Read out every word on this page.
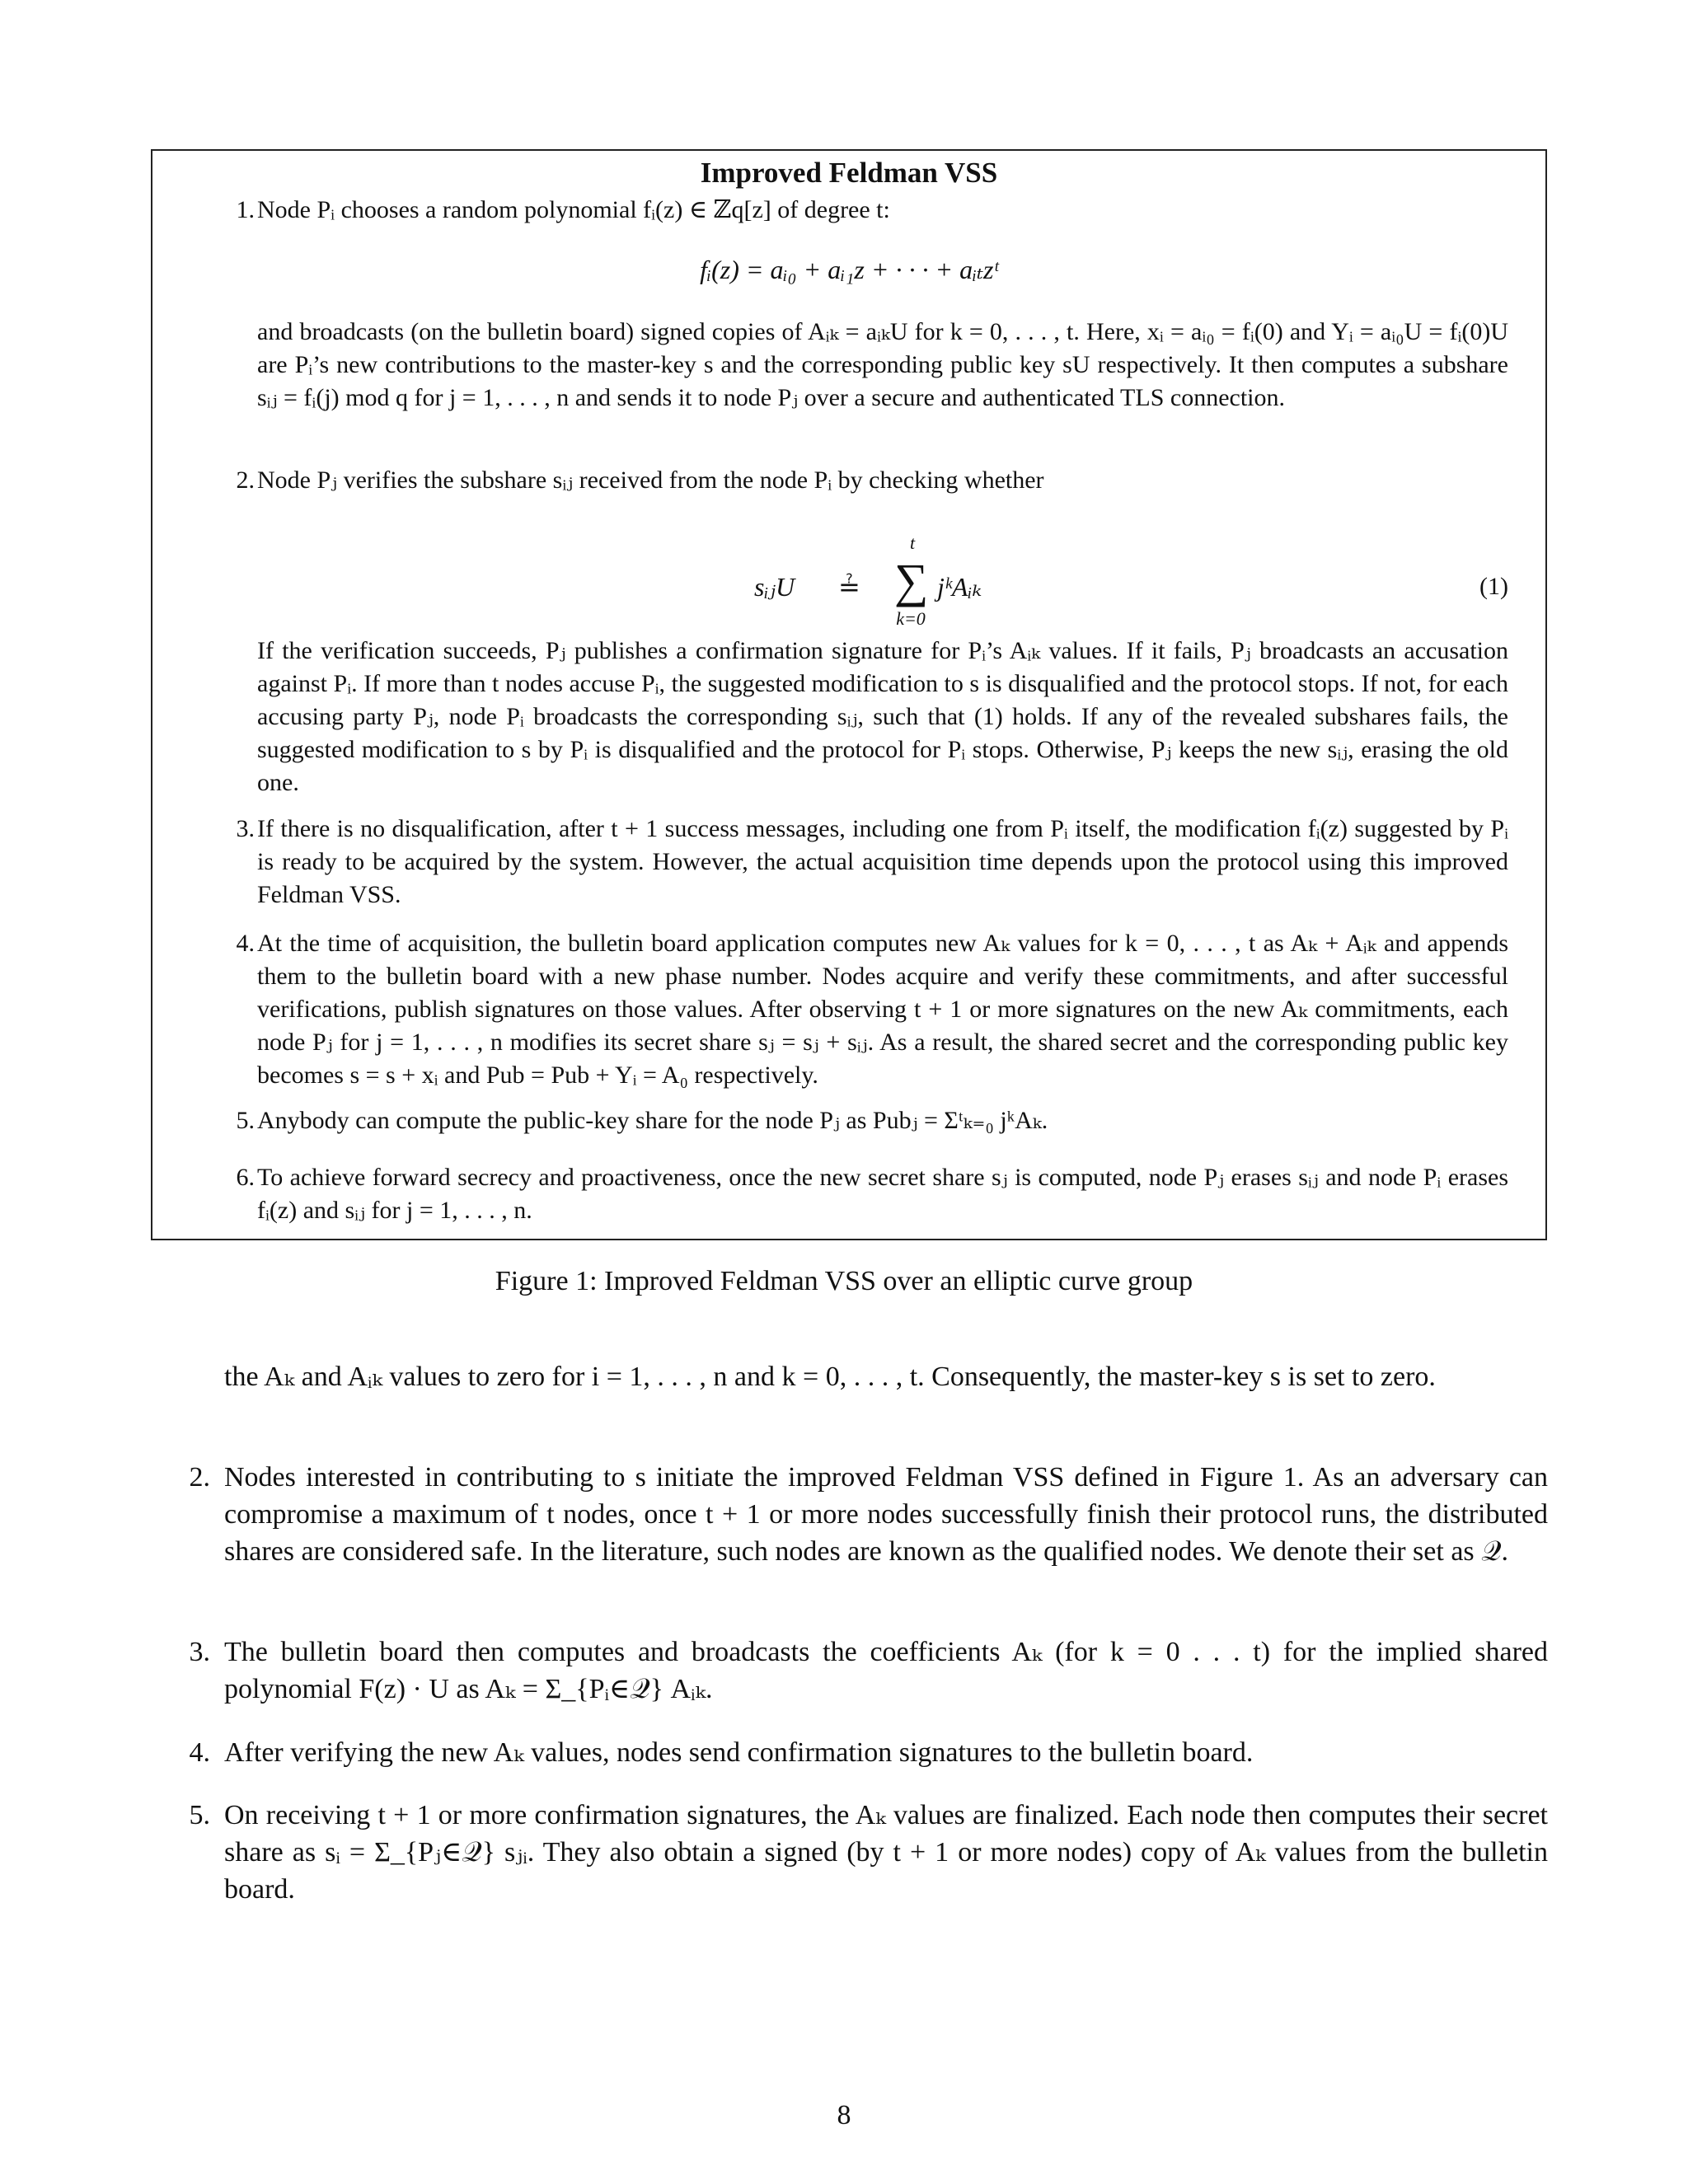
Improved Feldman VSS
1. Node Pᵢ chooses a random polynomial fᵢ(z) ∈ ℤq[z] of degree t:
fᵢ(z) = aᵢ₀ + aᵢ₁z + · · · + aᵢₜzᵗ
and broadcasts (on the bulletin board) signed copies of Aᵢₖ = aᵢₖU for k = 0, . . . , t. Here, xᵢ = aᵢ₀ = fᵢ(0) and Yᵢ = aᵢ₀U = fᵢ(0)U are Pᵢ’s new contributions to the master-key s and the corresponding public key sU respectively. It then computes a subshare sᵢⱼ = fᵢ(j) mod q for j = 1, . . . , n and sends it to node Pⱼ over a secure and authenticated TLS connection.
2. Node Pⱼ verifies the subshare sᵢⱼ received from the node Pᵢ by checking whether
sᵢⱼU ≟
t
∑
k=0
jᵏAᵢₖ	(1)
If the verification succeeds, Pⱼ publishes a confirmation signature for Pᵢ’s Aᵢₖ values. If it fails, Pⱼ broadcasts an accusation against Pᵢ. If more than t nodes accuse Pᵢ, the suggested modification to s is disqualified and the protocol stops. If not, for each accusing party Pⱼ, node Pᵢ broadcasts the corresponding sᵢⱼ, such that (1) holds. If any of the revealed subshares fails, the suggested modification to s by Pᵢ is disqualified and the protocol for Pᵢ stops. Otherwise, Pⱼ keeps the new sᵢⱼ, erasing the old one.
3. If there is no disqualification, after t + 1 success messages, including one from Pᵢ itself, the modification fᵢ(z) suggested by Pᵢ is ready to be acquired by the system. However, the actual acquisition time depends upon the protocol using this improved Feldman VSS.
4. At the time of acquisition, the bulletin board application computes new Aₖ values for k = 0, . . . , t as Aₖ + Aᵢₖ and appends them to the bulletin board with a new phase number. Nodes acquire and verify these commitments, and after successful verifications, publish signatures on those values. After observing t + 1 or more signatures on the new Aₖ commitments, each node Pⱼ for j = 1, . . . , n modifies its secret share sⱼ = sⱼ + sᵢⱼ. As a result, the shared secret and the corresponding public key becomes s = s + xᵢ and Pub = Pub + Yᵢ = A₀ respectively.
5. Anybody can compute the public-key share for the node Pⱼ as Pubⱼ = Σᵗₖ₌₀ jᵏAₖ.
6. To achieve forward secrecy and proactiveness, once the new secret share sⱼ is computed, node Pⱼ erases sᵢⱼ and node Pᵢ erases fᵢ(z) and sᵢⱼ for j = 1, . . . , n.
Figure 1: Improved Feldman VSS over an elliptic curve group
the Aₖ and Aᵢₖ values to zero for i = 1, . . . , n and k = 0, . . . , t. Consequently, the master-key s is set to zero.
2. Nodes interested in contributing to s initiate the improved Feldman VSS defined in Figure 1. As an adversary can compromise a maximum of t nodes, once t + 1 or more nodes successfully finish their protocol runs, the distributed shares are considered safe. In the literature, such nodes are known as the qualified nodes. We denote their set as 𝒬.
3. The bulletin board then computes and broadcasts the coefficients Aₖ (for k = 0 . . . t) for the implied shared polynomial F(z) · U as Aₖ = Σ_{Pᵢ∈𝒬} Aᵢₖ.
4. After verifying the new Aₖ values, nodes send confirmation signatures to the bulletin board.
5. On receiving t + 1 or more confirmation signatures, the Aₖ values are finalized. Each node then computes their secret share as sᵢ = Σ_{Pⱼ∈𝒬} sⱼᵢ. They also obtain a signed (by t + 1 or more nodes) copy of Aₖ values from the bulletin board.
8
